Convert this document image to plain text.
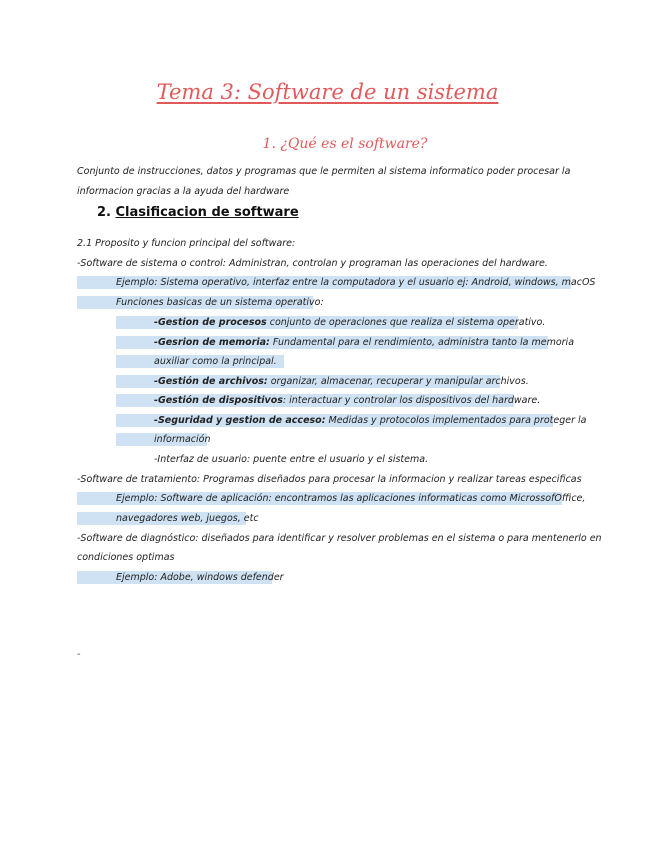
Tema 3: Software de un sistema
1. ¿Qué es el software?
Conjunto de instrucciones, datos y programas que le permiten al sistema informatico poder procesar la
informacion gracias a la ayuda del hardware
2. Clasificacion de software
2.1 Proposito y funcion principal del software:
-Software de sistema o control: Administran, controlan y programan las operaciones del hardware.
Ejemplo: Sistema operativo, interfaz entre la computadora y el usuario ej: Android, windows, macOS
Funciones basicas de un sistema operativo:
-Gestion de procesos conjunto de operaciones que realiza el sistema operativo.
-Gesrion de memoria: Fundamental para el rendimiento, administra tanto la memoria
auxiliar como la principal.
-Gestión de archivos: organizar, almacenar, recuperar y manipular archivos.
-Gestión de dispositivos: interactuar y controlar los dispositivos del hardware.
-Seguridad y gestion de acceso: Medidas y protocolos implementados para proteger la
información
-Interfaz de usuario: puente entre el usuario y el sistema.
-Software de tratamiento: Programas diseñados para procesar la informacion y realizar tareas especificas
Ejemplo: Software de aplicación: encontramos las aplicaciones informaticas como MicrossofOffice,
navegadores web, juegos, etc
-Software de diagnóstico: diseñados para identificar y resolver problemas en el sistema o para mentenerlo en
condiciones optimas
Ejemplo: Adobe, windows defender
-
